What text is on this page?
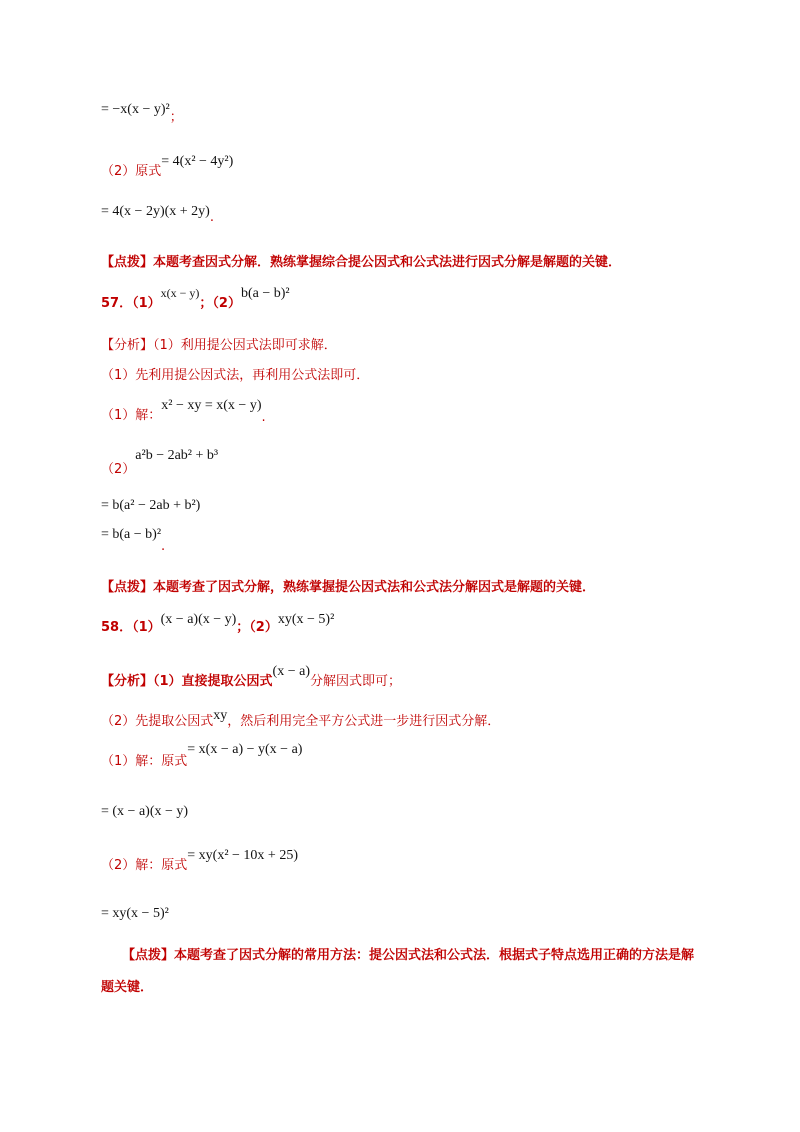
= $-x(x - y)^2_;$
$_{(2)原式}$= 4(x² − 4y²)
= $4(x - 2y)(x + 2y)_.$
【点拨】本题考查因式分解．熟练掌握综合提公因式和公式法进行因式分解是解题的关键．
$_{57.(1)}x(x - y)_{;(2)}b(a - b)^2$
【分析】（1）利用提公因式法即可求解．
（1）先利用提公因式法，再利用公式法即可．
$_{(1)解:}$x² − xy = $x(x - y)_.$
$_{(2)}$a²b − 2ab² + b³
= b(a² − 2ab + b²)
= $b(a - b)^2_.$
【点拨】本题考查了因式分解，熟练掌握提公因式法和公式法分解因式是解题的关键．
$_{58.(1)}(x - a)(x - y)_{;(2)}xy(x - 5)^2$
$_{【分析】(1)直接提取公因式}(x - a)_{分解因式即可;}$
$_{(2)先提取公因式}xy_{,然后利用完全平方公式进一步进行因式分解.}$
$_{(1)解:原式}$= x(x − a) − y(x − a)
= (x − a)(x − y)
$_{(2)解:原式}$= xy(x² − 10x + 25)
= xy(x − 5)²
【点拨】本题考查了因式分解的常用方法：提公因式法和公式法．根据式子特点选用正确的方法是解
题关键．
